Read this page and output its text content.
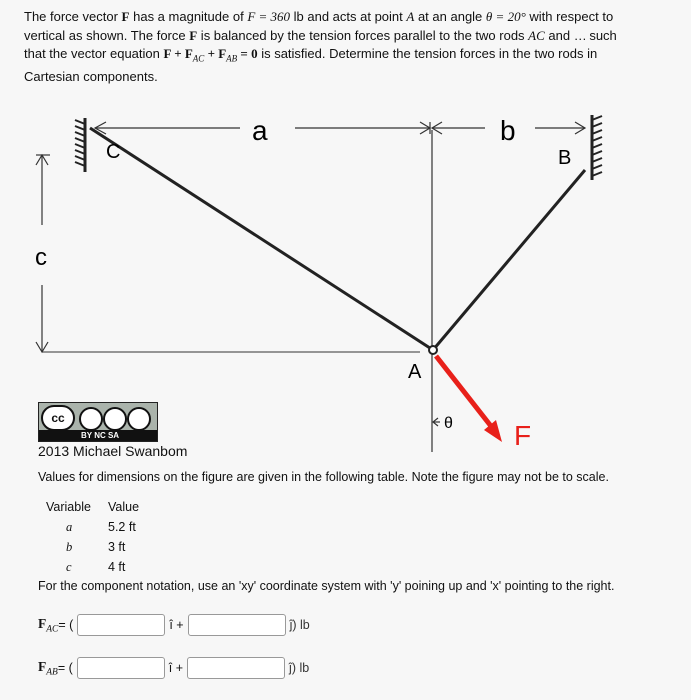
The force vector F has a magnitude of F = 360 lb and acts at point A at an angle θ = 20° with respect to
vertical as shown. The force F is balanced by the tension forces parallel to the two rods AC and … such
that the vector equation $F + F_{AC} + F_{AB} = 0$ is satisfied. Determine the tension forces in the two rods in
Cartesian components.
a	b
c
C	B
A
F
θ
cc
BY NC SA
2013 Michael Swanbom
Values for dimensions on the figure are given in the following table. Note the figure may not be to scale.
Variable	Value
a	5.2 ft
b	3 ft
c	4 ft
For the component notation, use an 'xy' coordinate system with 'y' poining up and 'x' pointing to the right.
$F_{AC}$ = (	î +	ĵ) lb
$F_{AB}$ = (	î +	ĵ) lb
